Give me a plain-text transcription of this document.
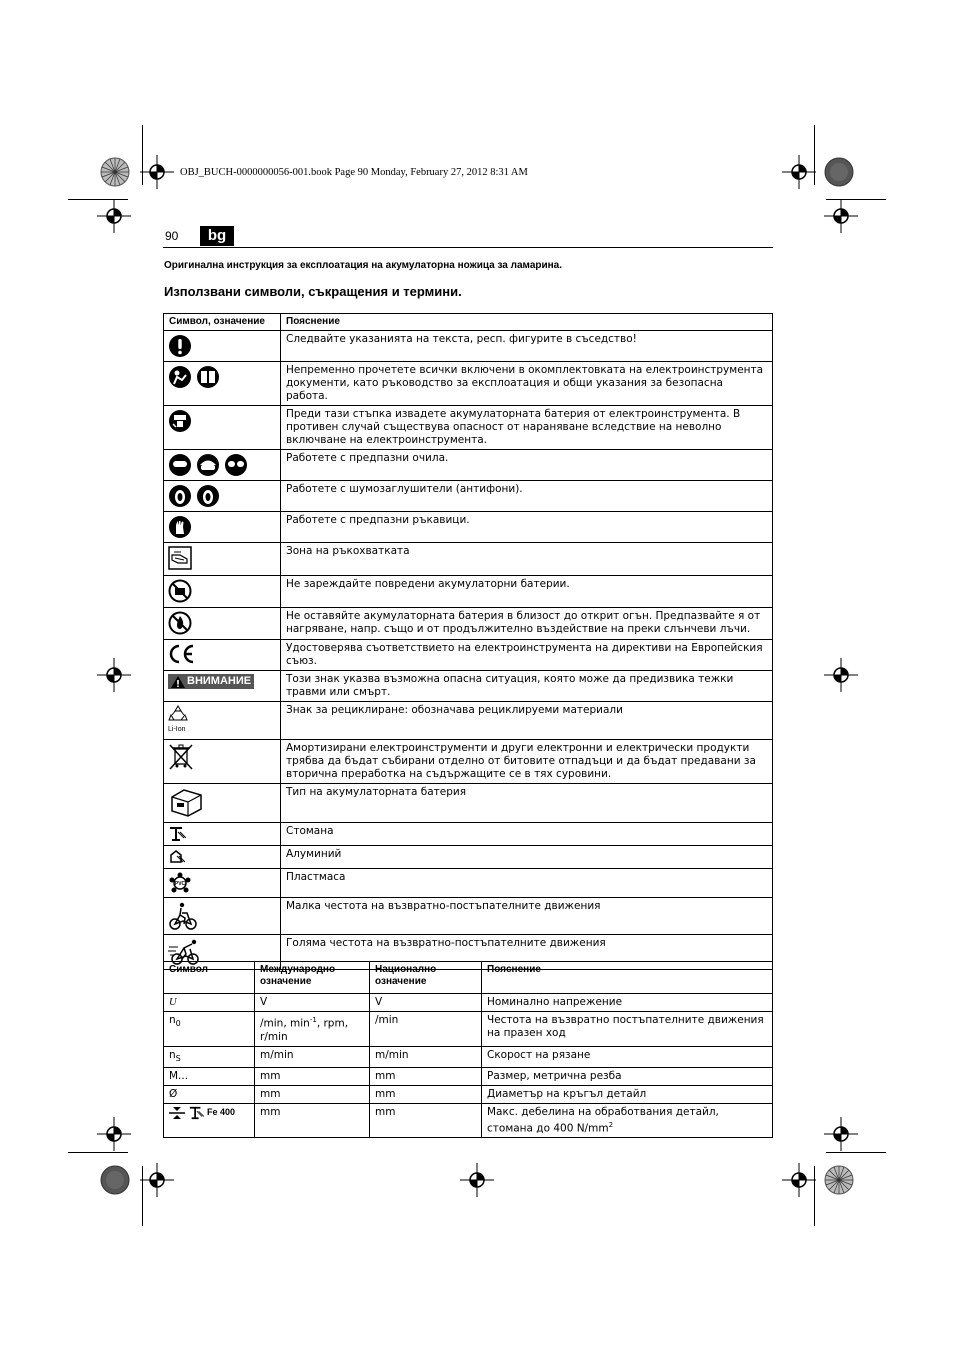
OBJ_BUCH-0000000056-001.book Page 90 Monday, February 27, 2012 8:31 AM
90	bg
Оригинална инструкция за експлоатация на акумулаторна ножица за ламарина.
Използвани символи, съкращения и термини.
Символ, означение	Пояснение
	Следвайте указанията на текста, респ. фигурите в съседство!
	Непременно прочетете всички включени в окомплектовката на електроинструмента документи, като ръководство за експлоатация и общи указания за безопасна работа.
	Преди тази стъпка извадете акумулаторната батерия от електроинструмента. В противен случай съществува опасност от нараняване вследствие на неволно включване на електроинструмента.
	Работете с предпазни очила.
	Работете с шумозаглушители (антифони).
	Работете с предпазни ръкавици.
	Зона на ръкохватката
	Не зареждайте повредени акумулаторни батерии.
	Не оставяйте акумулаторната батерия в близост до открит огън. Предпазвайте я от нагряване, напр. също и от продължително въздействие на преки слънчеви лъчи.
	Удостоверява съответствието на електроинструмента на директиви на Европейския съюз.

ВНИМАНИЕ	Този знак указва възможна опасна ситуация, която може да предизвика тежки травми или смърт.

Li-Ion	Знак за рециклиране: обозначава рециклируеми материали
	Амортизирани електроинструменти и други електронни и електрически продукти трябва да бъдат събирани отделно от битовите отпадъци и да бъдат предавани за вторична преработка на съдържащите се в тях суровини.
	Тип на акумулаторната батерия
	Стомана
	Алуминий

PVC	Пластмаса
	Малка честота на възвратно-постъпателните движения
	Голяма честота на възвратно-постъпателните движения
Символ	Международно означение	Национално означение	Пояснение
U	V	V	Номинално напрежение
$n_0$	/min, $\min^{-1}$, rpm, r/min	/min	Честота на възвратно постъпателните движения на празен ход
$n_S$	m/min	m/min	Скорост на рязане
M...	mm	mm	Размер, метрична резба
Ø	mm	mm	Диаметър на кръгъл детайл
Fe 400	mm	mm	Макс. дебелина на обработвания детайл, стомана до 400 $N/mm^2$
